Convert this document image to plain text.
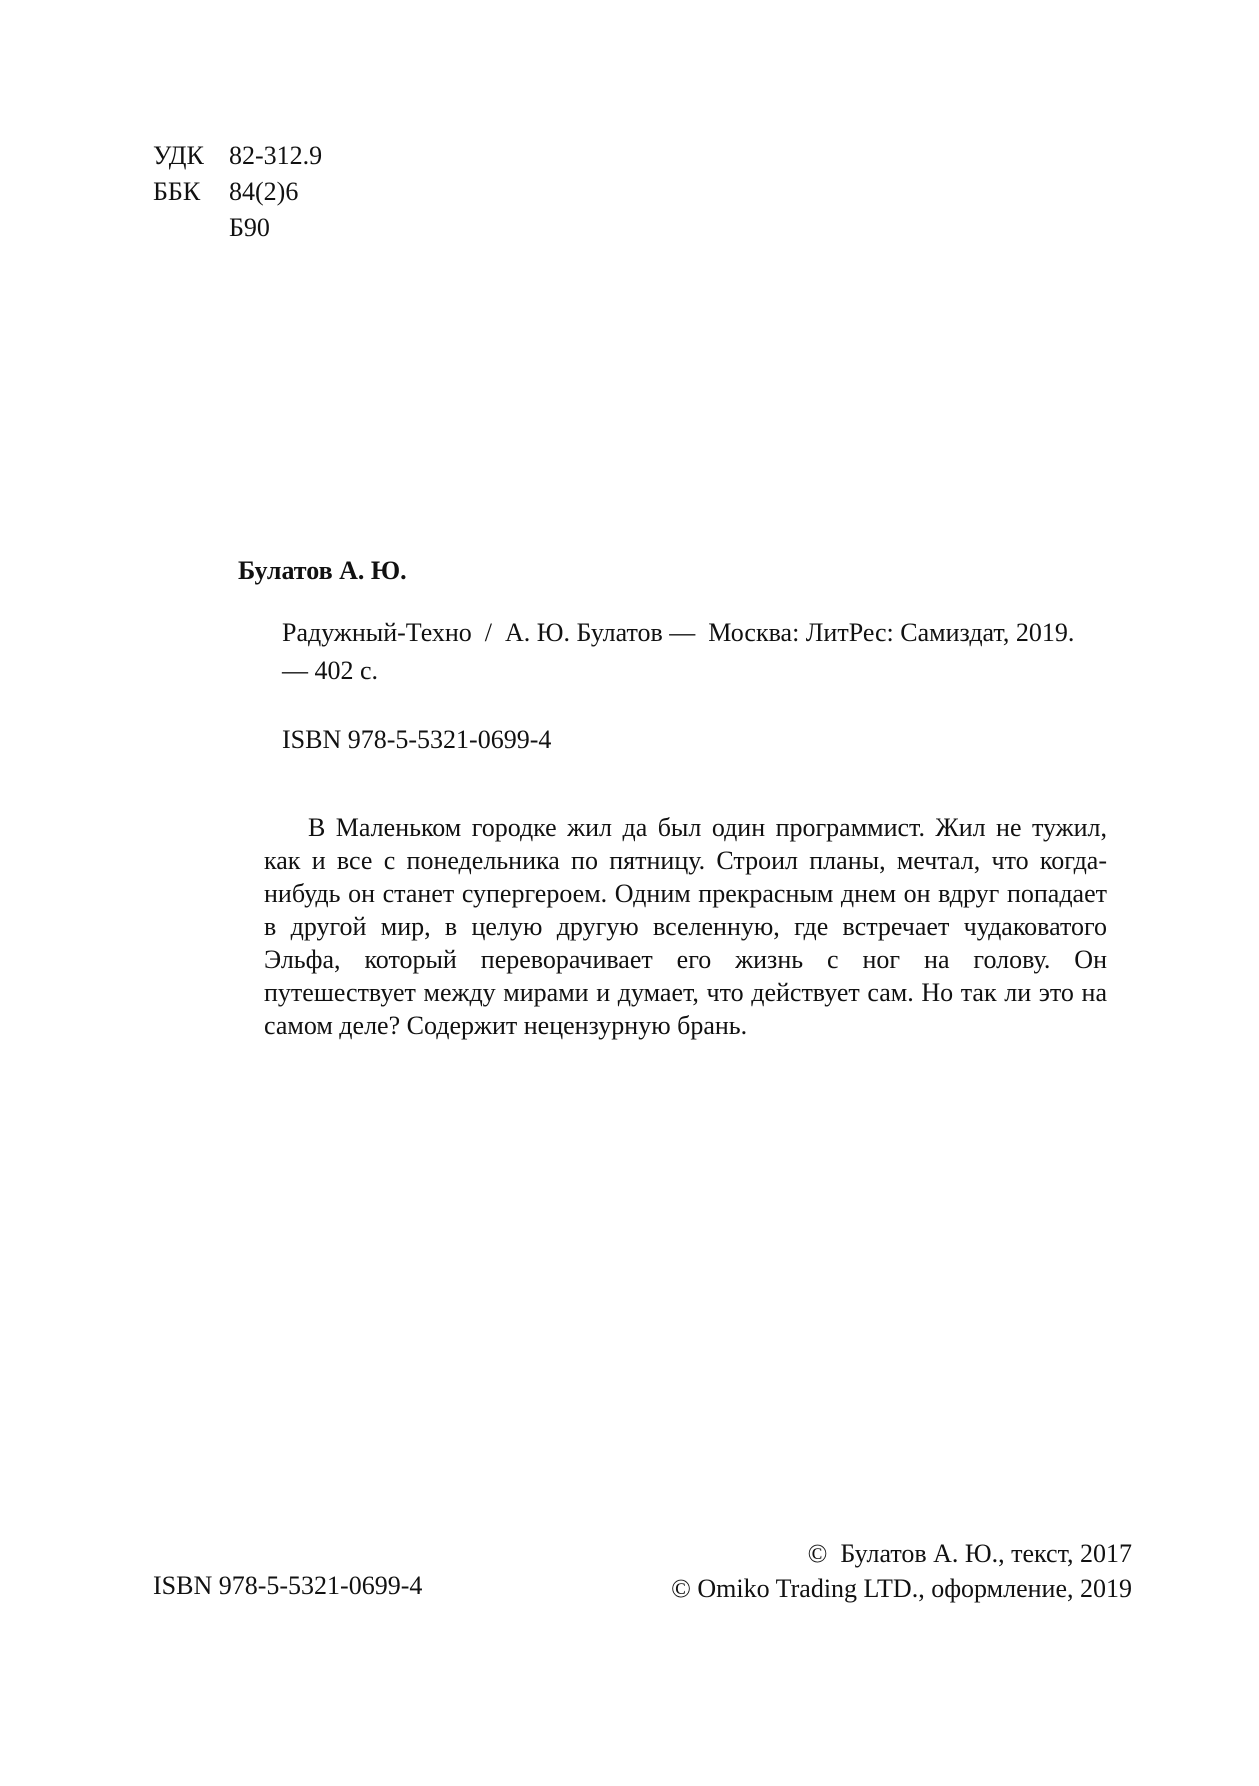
УДК 82-312.9
ББК	84(2)6
Б90
Булатов А. Ю.
Радужный-Техно  /  А. Ю. Булатов —  Москва: ЛитРес: Самиздат, 2019. — 402 с.
ISBN 978-5-5321-0699-4
В Маленьком городке жил да был один программист. Жил не тужил, как и все с понедельника по пятницу. Строил планы, мечтал, что когда-нибудь он станет супергероем. Одним прекрасным днем он вдруг попадает в другой мир, в целую другую вселенную, где встречает чудаковатого Эльфа, который переворачивает его жизнь с ног на голову. Он путешествует между мирами и думает, что действует сам. Но так ли это на самом деле? Содержит нецензурную брань.
ISBN 978-5-5321-0699-4
©  Булатов А. Ю., текст, 2017
© Omiko Trading LTD., оформление, 2019
